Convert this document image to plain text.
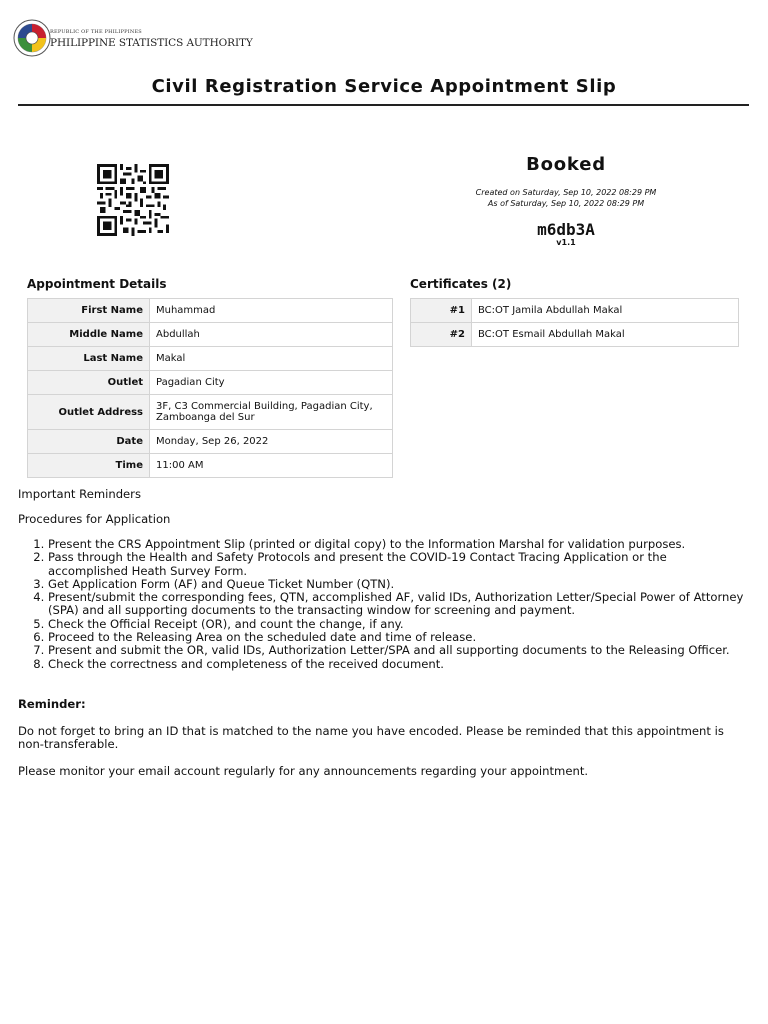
REPUBLIC OF THE PHILIPPINES
PHILIPPINE STATISTICS AUTHORITY
Civil Registration Service Appointment Slip
Booked
Created on Saturday, Sep 10, 2022 08:29 PM
As of Saturday, Sep 10, 2022 08:29 PM
m6db3A
v1.1
Appointment Details
First Name	Muhammad
Middle Name	Abdullah
Last Name	Makal
Outlet	Pagadian City
Outlet Address	3F, C3 Commercial Building, Pagadian City, Zamboanga del Sur
Date	Monday, Sep 26, 2022
Time	11:00 AM
Certificates (2)
#1	BC:OT Jamila Abdullah Makal
#2	BC:OT Esmail Abdullah Makal
Important Reminders
Procedures for Application
1. Present the CRS Appointment Slip (printed or digital copy) to the Information Marshal for validation purposes.
2. Pass through the Health and Safety Protocols and present the COVID-19 Contact Tracing Application or the accomplished Heath Survey Form.
3. Get Application Form (AF) and Queue Ticket Number (QTN).
4. Present/submit the corresponding fees, QTN, accomplished AF, valid IDs, Authorization Letter/Special Power of Attorney (SPA) and all supporting documents to the transacting window for screening and payment.
5. Check the Official Receipt (OR), and count the change, if any.
6. Proceed to the Releasing Area on the scheduled date and time of release.
7. Present and submit the OR, valid IDs, Authorization Letter/SPA and all supporting documents to the Releasing Officer.
8. Check the correctness and completeness of the received document.
Reminder:
Do not forget to bring an ID that is matched to the name you have encoded. Please be reminded that this appointment is non-transferable.
Please monitor your email account regularly for any announcements regarding your appointment.
